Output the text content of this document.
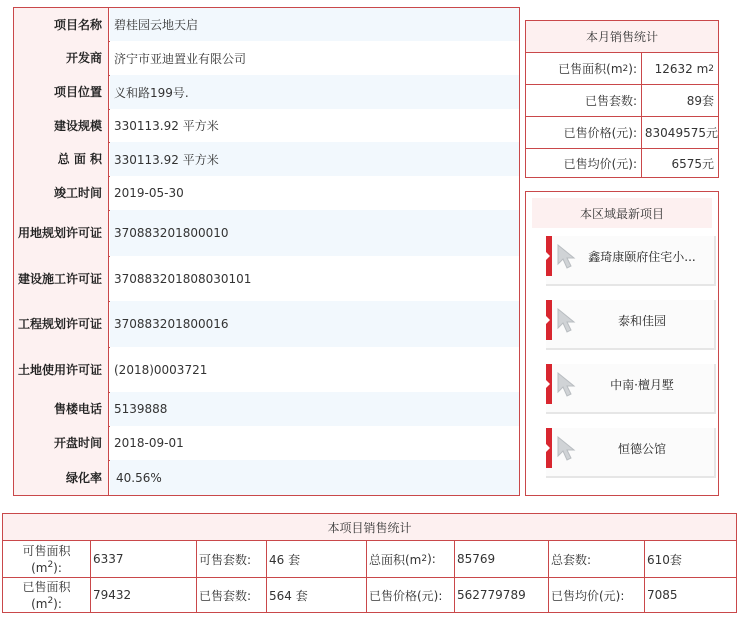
项目名称	碧桂园云地天启
开发商	济宁市亚迪置业有限公司
项目位置	义和路199号.
建设规模	330113.92 平方米
总 面 积	330113.92 平方米
竣工时间	2019-05-30
用地规划许可证	370883201800010
建设施工许可证	370883201808030101
工程规划许可证	370883201800016
土地使用许可证	(2018)0003721
售楼电话	5139888
开盘时间	2018-09-01
绿化率	40.56%
本月销售统计
已售面积(m 2 ): 12632 m 2
已售套数:	89套
已售价格(元): 83049575元
已售均价(元):	6575元
本区域最新项目
鑫琦康颐府住宅小...
泰和佳园
中南·檀月墅
恒德公馆
本项目销售统计
可售面积
$(m^2)$:
6337	可售套数:	46 套	总面积(m 2 ): 85769	总套数:	610套
已售面积
$(m^2)$:
79432	已售套数:	564 套	已售价格(元):	562779789	已售均价(元):	7085
